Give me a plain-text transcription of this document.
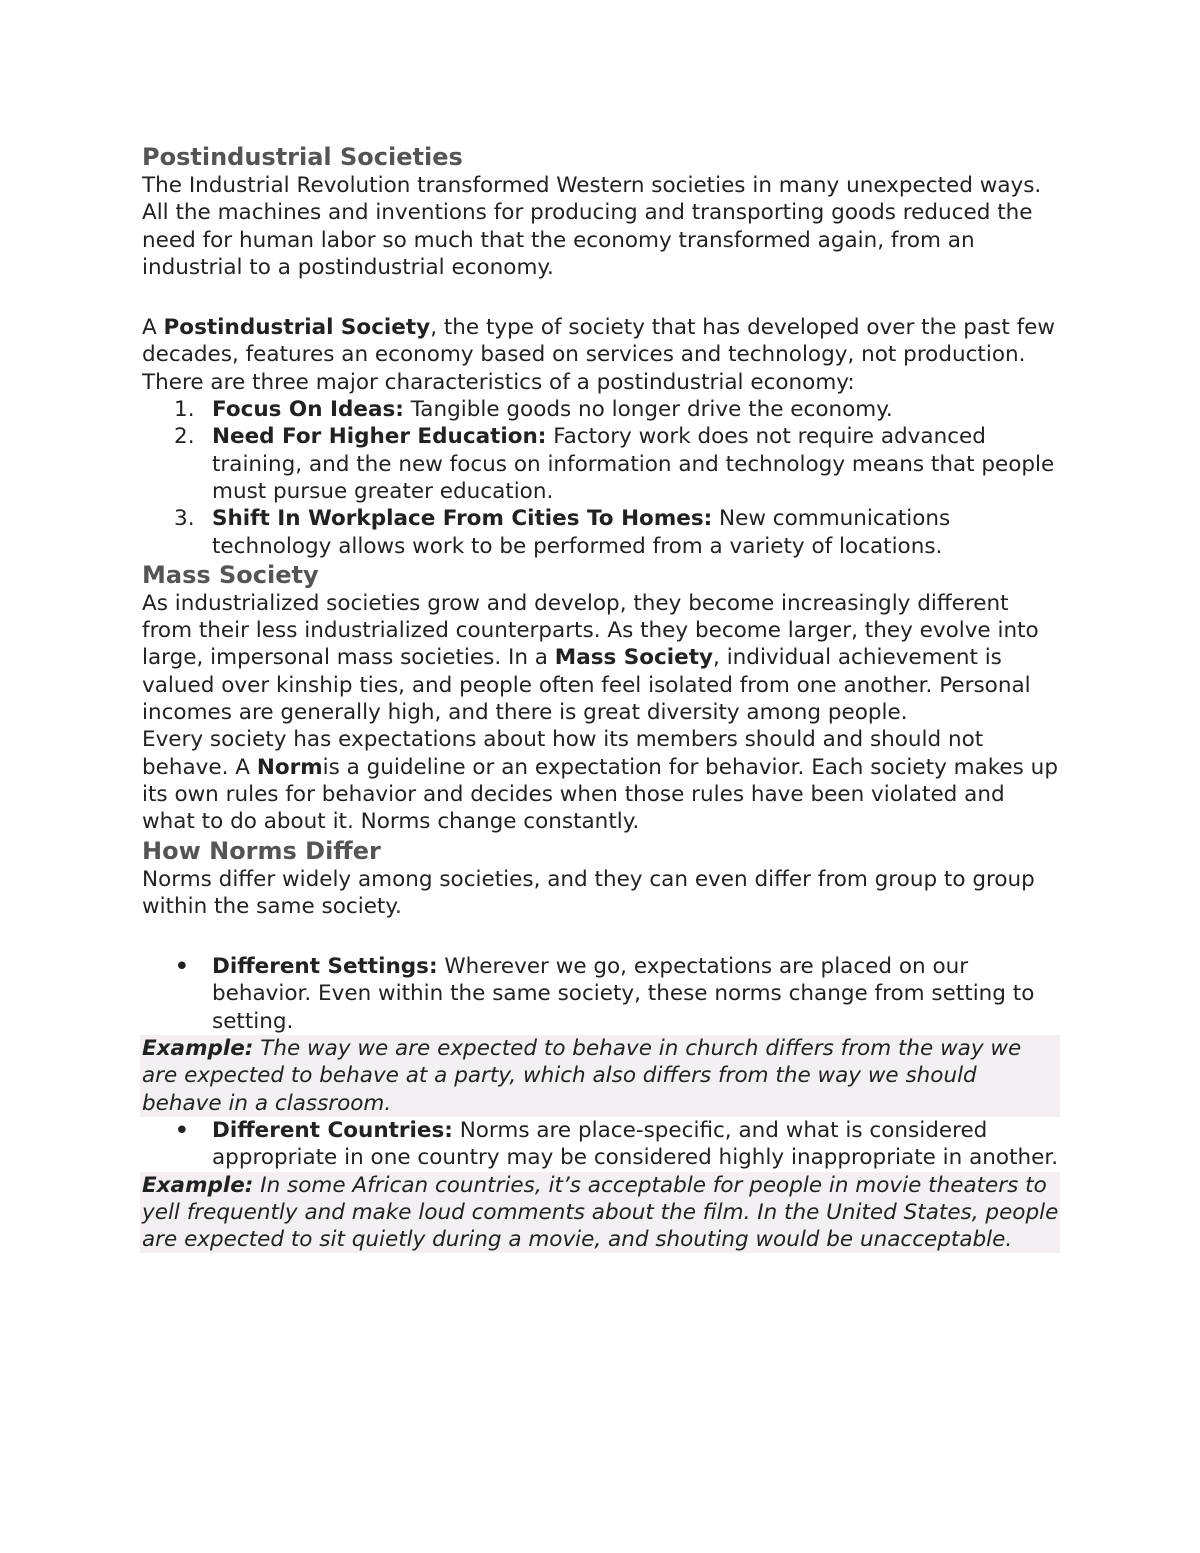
Postindustrial Societies

The Industrial Revolution transformed Western societies in many unexpected ways. All the machines and inventions for producing and transporting goods reduced the need for human labor so much that the economy transformed again, from an industrial to a postindustrial economy.

A Postindustrial Society, the type of society that has developed over the past few decades, features an economy based on services and technology, not production. There are three major characteristics of a postindustrial economy:

Focus On Ideas: Tangible goods no longer drive the economy.
Need For Higher Education: Factory work does not require advanced training, and the new focus on information and technology means that people must pursue greater education.
Shift In Workplace From Cities To Homes: New communications technology allows work to be performed from a variety of locations.
Mass Society

As industrialized societies grow and develop, they become increasingly different from their less industrialized counterparts. As they become larger, they evolve into large, impersonal mass societies. In a Mass Society, individual achievement is valued over kinship ties, and people often feel isolated from one another. Personal incomes are generally high, and there is great diversity among people.

Every society has expectations about how its members should and should not behave. A Normis a guideline or an expectation for behavior. Each society makes up its own rules for behavior and decides when those rules have been violated and what to do about it. Norms change constantly.

How Norms Differ

Norms differ widely among societies, and they can even differ from group to group within the same society.

• Different Settings: Wherever we go, expectations are placed on our behavior. Even within the same society, these norms change from setting to setting.

Example: The way we are expected to behave in church differs from the way we are expected to behave at a party, which also differs from the way we should behave in a classroom.

• Different Countries: Norms are place-specific, and what is considered appropriate in one country may be considered highly inappropriate in another.

Example: In some African countries, it’s acceptable for people in movie theaters to yell frequently and make loud comments about the film. In the United States, people are expected to sit quietly during a movie, and shouting would be unacceptable.
